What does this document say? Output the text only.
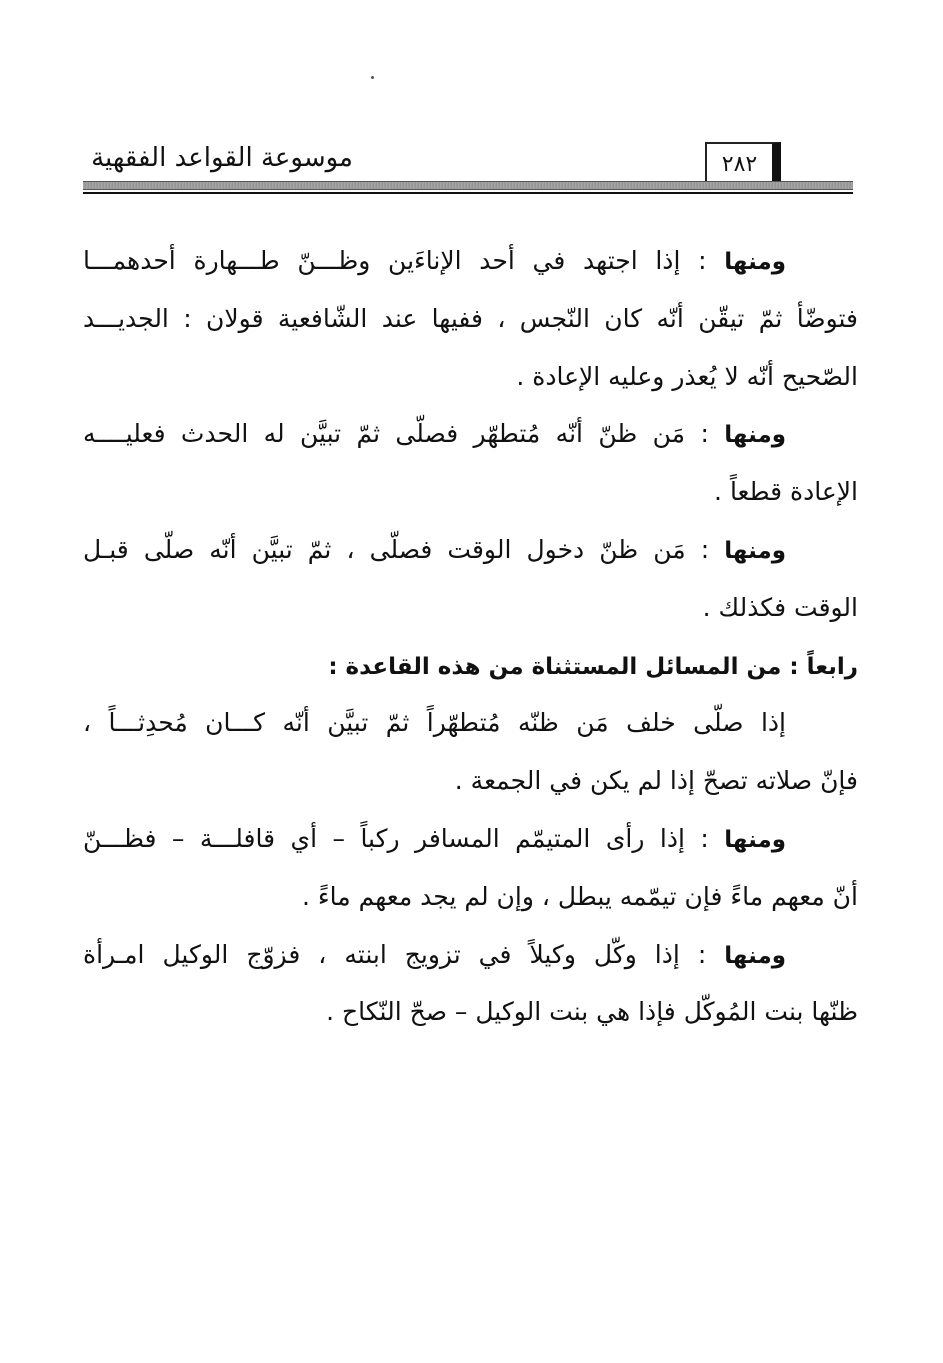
موسوعة القواعد الفقهية	٢٨٢
ومنها : إذا اجتهد في أحد الإناءَين وظـــنّ طـــهارة أحدهمـــا
فتوضّأ ثمّ تيقّن أنّه كان النّجس ، ففيها عند الشّافعية قولان : الجديـــد
الصّحيح أنّه لا يُعذر وعليه الإعادة .
ومنها : مَن ظنّ أنّه مُتطهّر فصلّى ثمّ تبيَّن له الحدث فعليــــه
الإعادة قطعاً .
ومنها : مَن ظنّ دخول الوقت فصلّى ، ثمّ تبيَّن أنّه صلّى قبـل
الوقت فكذلك .
رابعاً : من المسائل المستثناة من هذه القاعدة :
إذا صلّى خلف مَن ظنّه مُتطهّراً ثمّ تبيَّن أنّه كـــان مُحدِثـــاً ،
فإنّ صلاته تصحّ إذا لم يكن في الجمعة .
ومنها : إذا رأى المتيمّم المسافر ركباً – أي قافلـــة – فظـــنّ
أنّ معهم ماءً فإن تيمّمه يبطل ، وإن لم يجد معهم ماءً .
ومنها : إذا وكّل وكيلاً في تزويج ابنته ، فزوّج الوكيل امـرأة
ظنّها بنت المُوكّل فإذا هي بنت الوكيل – صحّ النّكاح .
